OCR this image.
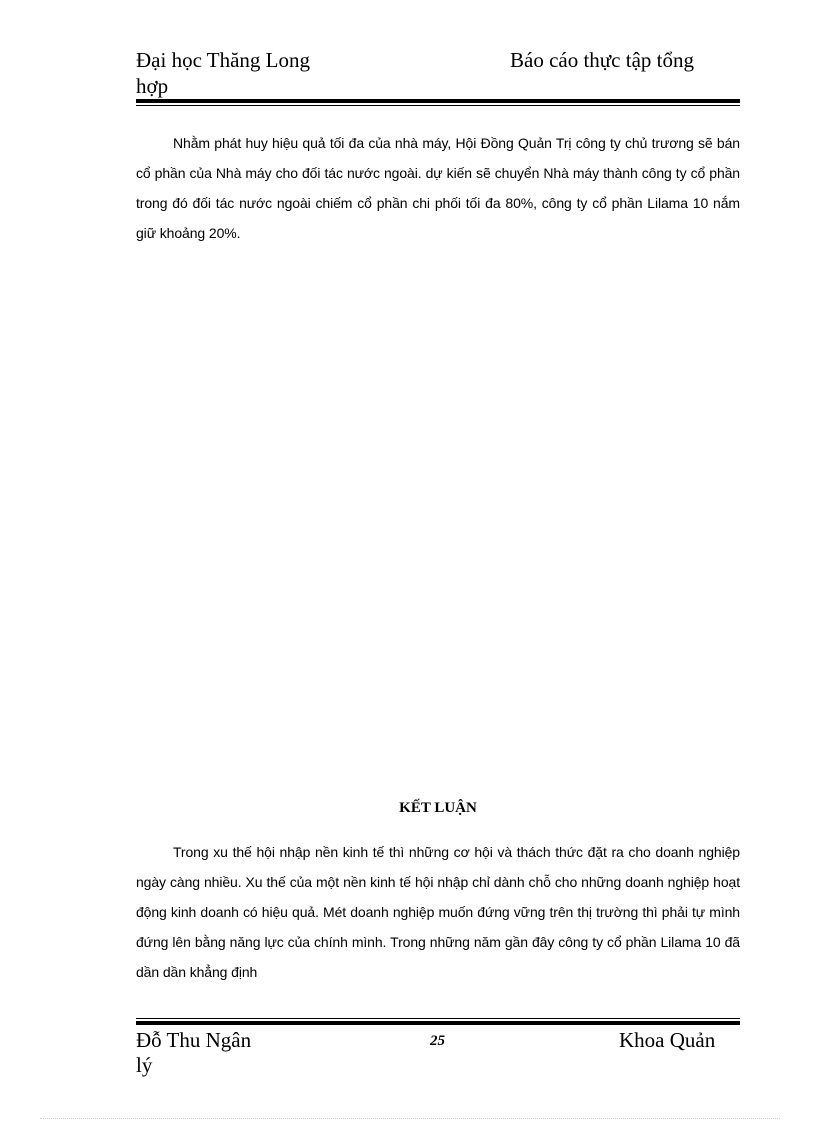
Đại học Thăng Long	Báo cáo thực tập tổng
hợp

Nhằm phát huy hiệu quả tối đa của nhà máy, Hội Đồng Quản Trị công ty chủ trương sẽ bán cổ phần của Nhà máy cho đối tác nước ngoài. dự kiến sẽ chuyển Nhà máy thành công ty cổ phần trong đó đối tác nước ngoài chiếm cổ phần chi phối tối đa 80%, công ty cổ phần Lilama 10 nắm giữ khoảng 20%.

KẾT LUẬN

Trong xu thế hội nhập nền kinh tế thì những cơ hội và thách thức đặt ra cho doanh nghiệp ngày càng nhiều. Xu thế của một nền kinh tế hội nhập chỉ dành chỗ cho những doanh nghiệp hoạt động kinh doanh có hiệu quả. Mét doanh nghiệp muốn đứng vững trên thị trường thì phải tự mình đứng lên bằng năng lực của chính mình. Trong những năm gần đây công ty cổ phần Lilama 10 đã dần dần khẳng định

Đỗ Thu Ngân	25	Khoa Quản
lý
